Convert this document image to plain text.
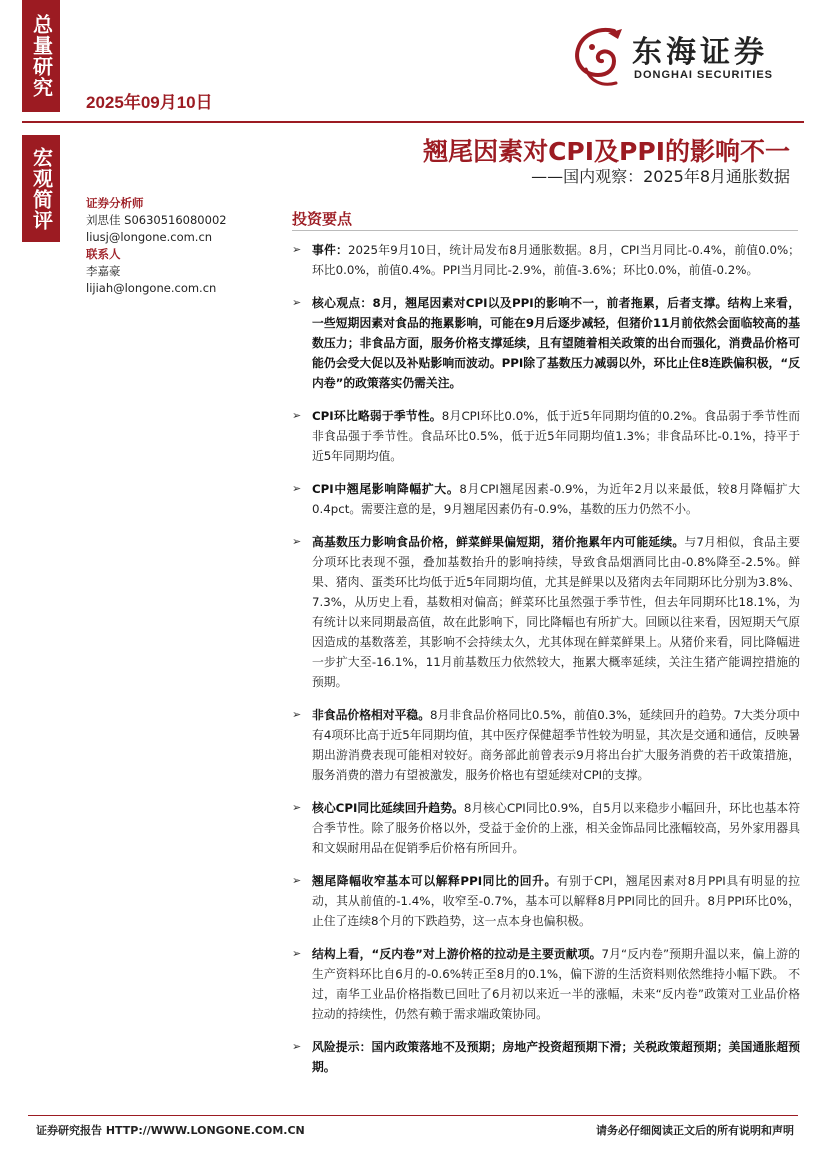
总量研究
宏观简评
2025年09月10日
东海证券
DONGHAI SECURITIES
翘尾因素对CPI及PPI的影响不一
——国内观察：2025年8月通胀数据
证券分析师
刘思佳 S0630516080002
liusj@longone.com.cn
联系人
李嘉豪
lijiah@longone.com.cn
投资要点
➢ 事件：2025年9月10日，统计局发布8月通胀数据。8月，CPI当月同比-0.4%，前值0.0%；环比0.0%，前值0.4%。PPI当月同比-2.9%，前值-3.6%；环比0.0%，前值-0.2%。
➢ 核心观点：8月，翘尾因素对CPI以及PPI的影响不一，前者拖累，后者支撑。结构上来看，一些短期因素对食品的拖累影响，可能在9月后逐步减轻，但猪价11月前依然会面临较高的基数压力；非食品方面，服务价格支撑延续，且有望随着相关政策的出台而强化，消费品价格可能仍会受大促以及补贴影响而波动。PPI除了基数压力减弱以外，环比止住8连跌偏积极，“反内卷”的政策落实仍需关注。
➢ CPI环比略弱于季节性。8月CPI环比0.0%，低于近5年同期均值的0.2%。食品弱于季节性而非食品强于季节性。食品环比0.5%，低于近5年同期均值1.3%；非食品环比-0.1%，持平于近5年同期均值。
➢ CPI中翘尾影响降幅扩大。8月CPI翘尾因素-0.9%，为近年2月以来最低，较8月降幅扩大0.4pct。需要注意的是，9月翘尾因素仍有-0.9%，基数的压力仍然不小。
➢ 高基数压力影响食品价格，鲜菜鲜果偏短期，猪价拖累年内可能延续。与7月相似，食品主要分项环比表现不强，叠加基数抬升的影响持续，导致食品烟酒同比由-0.8%降至-2.5%。鲜果、猪肉、蛋类环比均低于近5年同期均值，尤其是鲜果以及猪肉去年同期环比分别为3.8%、7.3%，从历史上看，基数相对偏高；鲜菜环比虽然强于季节性，但去年同期环比18.1%，为有统计以来同期最高值，故在此影响下，同比降幅也有所扩大。回顾以往来看，因短期天气原因造成的基数落差，其影响不会持续太久，尤其体现在鲜菜鲜果上。从猪价来看，同比降幅进一步扩大至-16.1%，11月前基数压力依然较大，拖累大概率延续，关注生猪产能调控措施的预期。
➢ 非食品价格相对平稳。8月非食品价格同比0.5%，前值0.3%，延续回升的趋势。7大类分项中有4项环比高于近5年同期均值，其中医疗保健超季节性较为明显，其次是交通和通信，反映暑期出游消费表现可能相对较好。商务部此前曾表示9月将出台扩大服务消费的若干政策措施，服务消费的潜力有望被激发，服务价格也有望延续对CPI的支撑。
➢ 核心CPI同比延续回升趋势。8月核心CPI同比0.9%，自5月以来稳步小幅回升，环比也基本符合季节性。除了服务价格以外，受益于金价的上涨，相关金饰品同比涨幅较高，另外家用器具和文娱耐用品在促销季后价格有所回升。
➢ 翘尾降幅收窄基本可以解释PPI同比的回升。有别于CPI，翘尾因素对8月PPI具有明显的拉动，其从前值的-1.4%，收窄至-0.7%，基本可以解释8月PPI同比的回升。8月PPI环比0%，止住了连续8个月的下跌趋势，这一点本身也偏积极。
➢ 结构上看，“反内卷”对上游价格的拉动是主要贡献项。7月“反内卷”预期升温以来，偏上游的生产资料环比自6月的-0.6%转正至8月的0.1%，偏下游的生活资料则依然维持小幅下跌。 不过，南华工业品价格指数已回吐了6月初以来近一半的涨幅，未来“反内卷”政策对工业品价格拉动的持续性，仍然有赖于需求端政策协同。
➢ 风险提示：国内政策落地不及预期；房地产投资超预期下滑；关税政策超预期；美国通胀超预期。
证券研究报告 HTTP://WWW.LONGONE.COM.CN	请务必仔细阅读正文后的所有说明和声明
